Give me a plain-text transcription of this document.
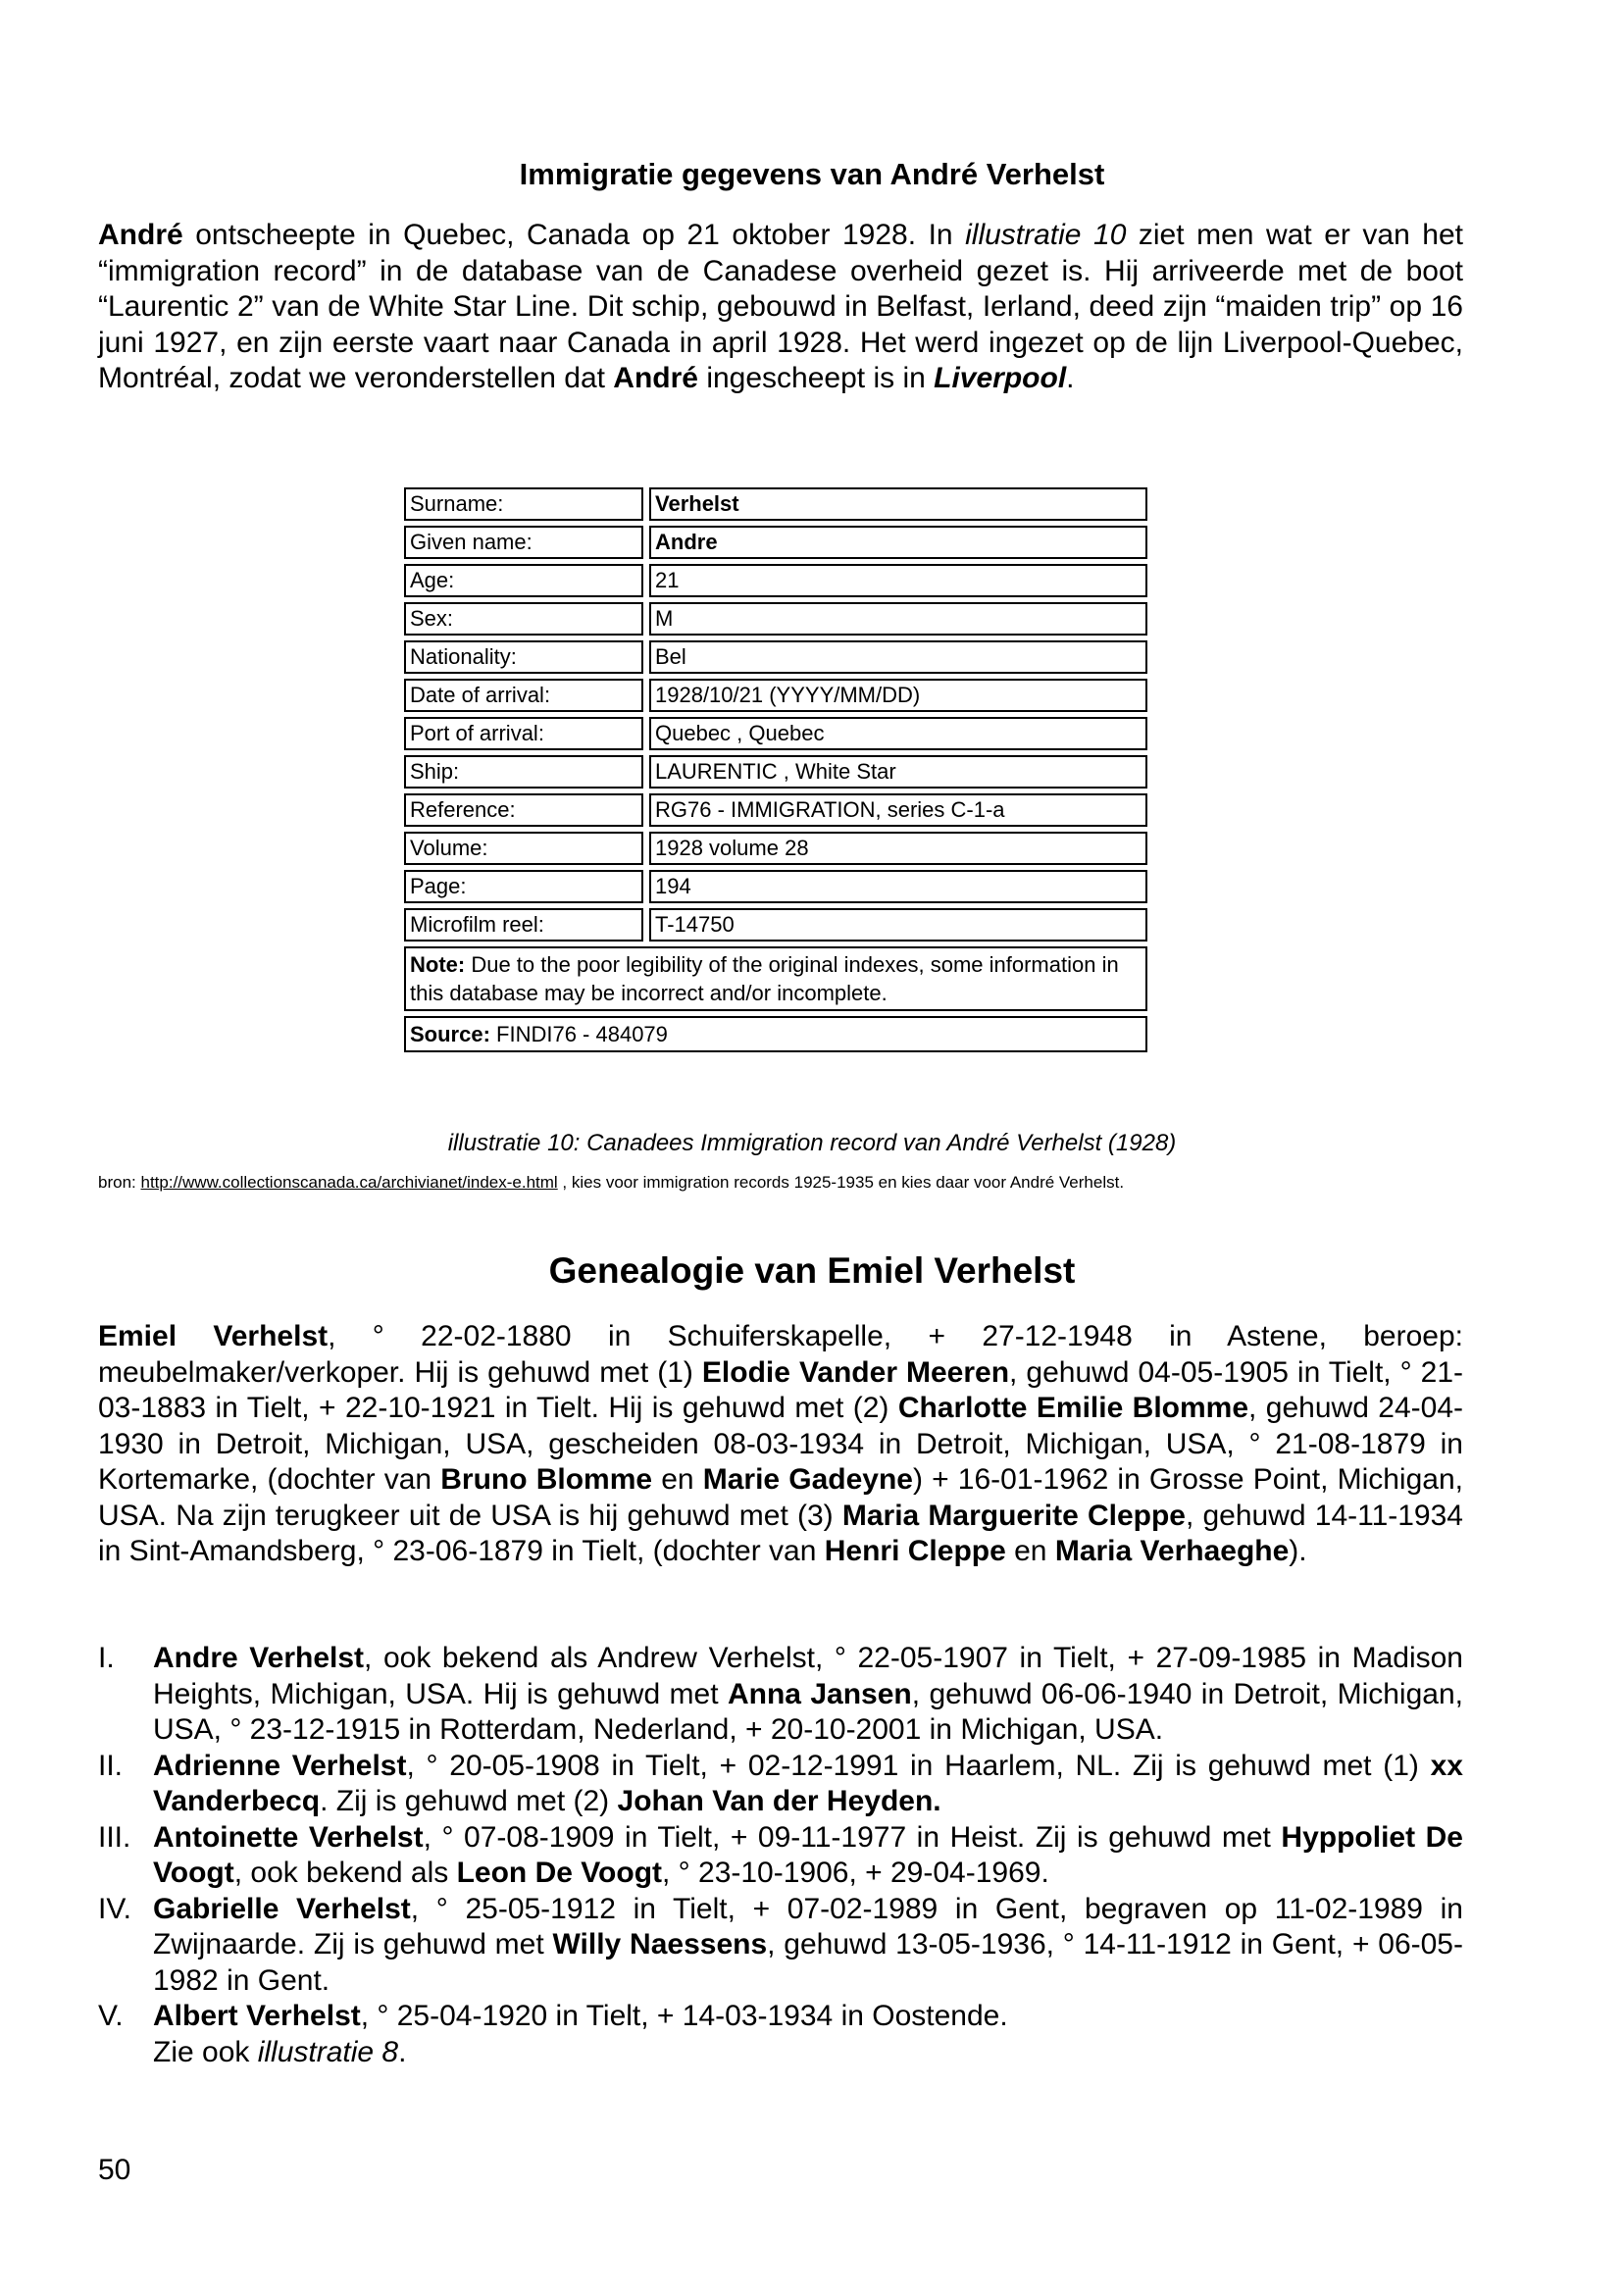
Immigratie gegevens van André Verhelst
André ontscheepte in Quebec, Canada op 21 oktober 1928. In illustratie 10 ziet men wat er van het “immigration record” in de database van de Canadese overheid gezet is. Hij arriveerde met de boot “Laurentic 2” van de White Star Line. Dit schip, gebouwd in Belfast, Ierland, deed zijn “maiden trip” op 16 juni 1927, en zijn eerste vaart naar Canada in april 1928. Het werd ingezet op de lijn Liverpool-Quebec, Montréal, zodat we veronderstellen dat André ingescheept is in Liverpool.
Surname:		Verhelst
Given name:		Andre
Age:		21
Sex:		M
Nationality:		Bel
Date of arrival:		1928/10/21 (YYYY/MM/DD)
Port of arrival:		Quebec , Quebec
Ship:		LAURENTIC , White Star
Reference:		RG76 - IMMIGRATION, series C-1-a
Volume:		1928 volume 28
Page:		194
Microfilm reel:		T-14750
Note: Due to the poor legibility of the original indexes, some information in this database may be incorrect and/or incomplete.		
Source: FINDI76 - 484079		
illustratie 10: Canadees Immigration record van André Verhelst (1928)
bron: http://www.collectionscanada.ca/archivianet/index-e.html , kies voor immigration records 1925-1935 en kies daar voor André Verhelst.
Genealogie van Emiel Verhelst
Emiel Verhelst, ° 22-02-1880 in Schuiferskapelle, + 27-12-1948 in Astene, beroep: meubelmaker/verkoper. Hij is gehuwd met (1) Elodie Vander Meeren, gehuwd 04-05-1905 in Tielt, ° 21-03-1883 in Tielt, + 22-10-1921 in Tielt. Hij is gehuwd met (2) Charlotte Emilie Blomme, gehuwd 24-04-1930 in Detroit, Michigan, USA, gescheiden 08-03-1934 in Detroit, Michigan, USA, ° 21-08-1879 in Kortemarke, (dochter van Bruno Blomme en Marie Gadeyne) + 16-01-1962 in Grosse Point, Michigan, USA. Na zijn terugkeer uit de USA is hij gehuwd met (3) Maria Marguerite Cleppe, gehuwd 14-11-1934 in Sint-Amandsberg, ° 23-06-1879 in Tielt, (dochter van Henri Cleppe en Maria Verhaeghe).
I. Andre Verhelst, ook bekend als Andrew Verhelst, ° 22-05-1907 in Tielt, + 27-09-1985 in Madison Heights, Michigan, USA. Hij is gehuwd met Anna Jansen, gehuwd 06-06-1940 in Detroit, Michigan, USA, ° 23-12-1915 in Rotterdam, Nederland, + 20-10-2001 in Michigan, USA.
II. Adrienne Verhelst, ° 20-05-1908 in Tielt, + 02-12-1991 in Haarlem, NL. Zij is gehuwd met (1) xx Vanderbecq. Zij is gehuwd met (2) Johan Van der Heyden.
III. Antoinette Verhelst, ° 07-08-1909 in Tielt, + 09-11-1977 in Heist. Zij is gehuwd met Hyppoliet De Voogt, ook bekend als Leon De Voogt, ° 23-10-1906, + 29-04-1969.
IV. Gabrielle Verhelst, ° 25-05-1912 in Tielt, + 07-02-1989 in Gent, begraven op 11-02-1989 in Zwijnaarde. Zij is gehuwd met Willy Naessens, gehuwd 13-05-1936, ° 14-11-1912 in Gent, + 06-05-1982 in Gent.
V. Albert Verhelst, ° 25-04-1920 in Tielt, + 14-03-1934 in Oostende.
Zie ook illustratie 8.
50
